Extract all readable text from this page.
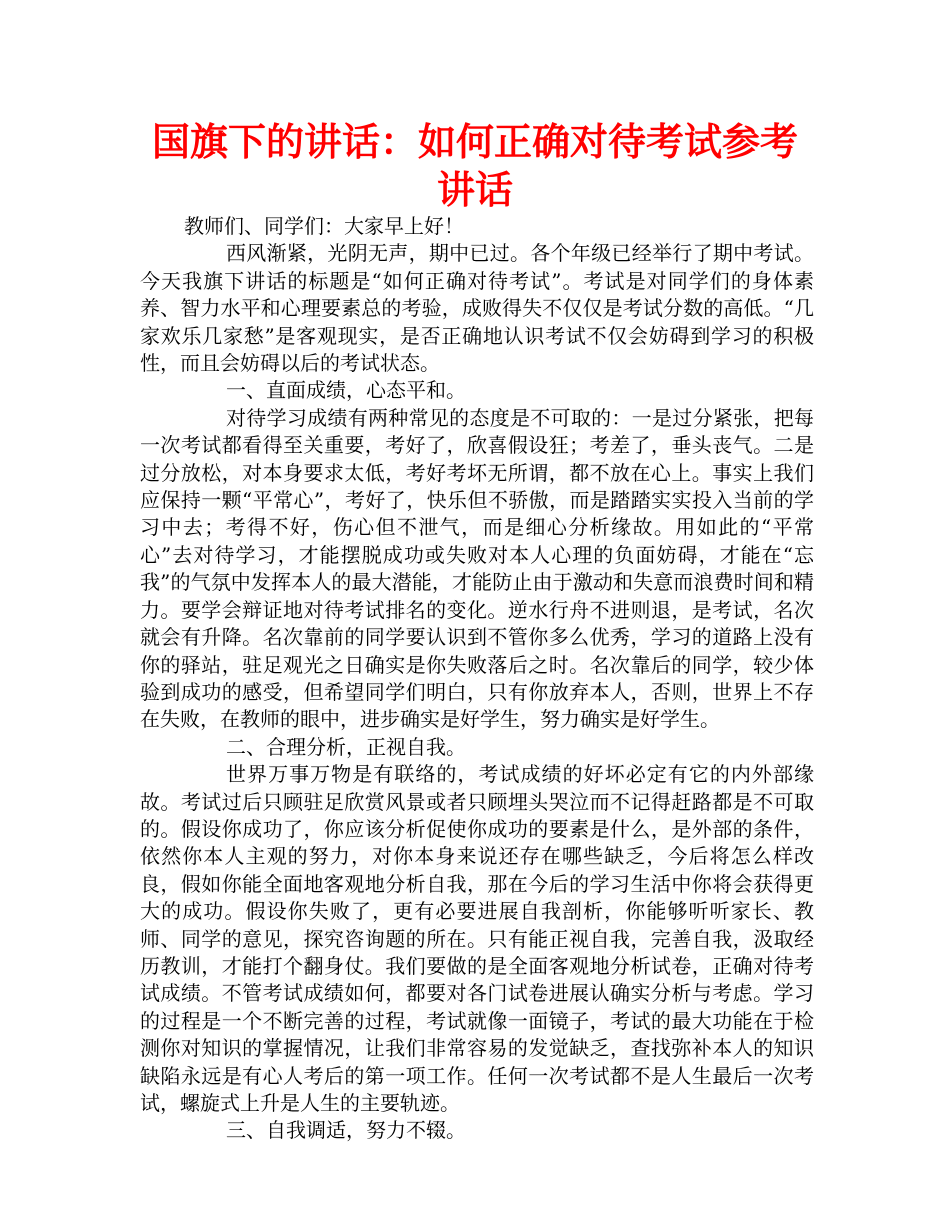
国旗下的讲话：如何正确对待考试参考讲话

教师们、同学们：大家早上好！

西风渐紧，光阴无声，期中已过。各个年级已经举行了期中考试。今天我旗下讲话的标题是“如何正确对待考试”。考试是对同学们的身体素养、智力水平和心理要素总的考验，成败得失不仅仅是考试分数的高低。“几家欢乐几家愁”是客观现实，是否正确地认识考试不仅会妨碍到学习的积极性，而且会妨碍以后的考试状态。

一、直面成绩，心态平和。

对待学习成绩有两种常见的态度是不可取的：一是过分紧张，把每一次考试都看得至关重要，考好了，欣喜假设狂；考差了，垂头丧气。二是过分放松，对本身要求太低，考好考坏无所谓，都不放在心上。事实上我们应保持一颗“平常心”，考好了，快乐但不骄傲，而是踏踏实实投入当前的学习中去；考得不好，伤心但不泄气，而是细心分析缘故。用如此的“平常心”去对待学习，才能摆脱成功或失败对本人心理的负面妨碍，才能在“忘我”的气氛中发挥本人的最大潜能，才能防止由于激动和失意而浪费时间和精力。要学会辩证地对待考试排名的变化。逆水行舟不进则退，是考试，名次就会有升降。名次靠前的同学要认识到不管你多么优秀，学习的道路上没有你的驿站，驻足观光之日确实是你失败落后之时。名次靠后的同学，较少体验到成功的感受，但希望同学们明白，只有你放弃本人，否则，世界上不存在失败，在教师的眼中，进步确实是好学生，努力确实是好学生。

二、合理分析，正视自我。

世界万事万物是有联络的，考试成绩的好坏必定有它的内外部缘故。考试过后只顾驻足欣赏风景或者只顾埋头哭泣而不记得赶路都是不可取的。假设你成功了，你应该分析促使你成功的要素是什么，是外部的条件，依然你本人主观的努力，对你本身来说还存在哪些缺乏，今后将怎么样改良，假如你能全面地客观地分析自我，那在今后的学习生活中你将会获得更大的成功。假设你失败了，更有必要进展自我剖析，你能够听听家长、教师、同学的意见，探究咨询题的所在。只有能正视自我，完善自我，汲取经历教训，才能打个翻身仗。我们要做的是全面客观地分析试卷，正确对待考试成绩。不管考试成绩如何，都要对各门试卷进展认确实分析与考虑。学习的过程是一个不断完善的过程，考试就像一面镜子，考试的最大功能在于检测你对知识的掌握情况，让我们非常容易的发觉缺乏，查找弥补本人的知识缺陷永远是有心人考后的第一项工作。任何一次考试都不是人生最后一次考试，螺旋式上升是人生的主要轨迹。

三、自我调适，努力不辍。
